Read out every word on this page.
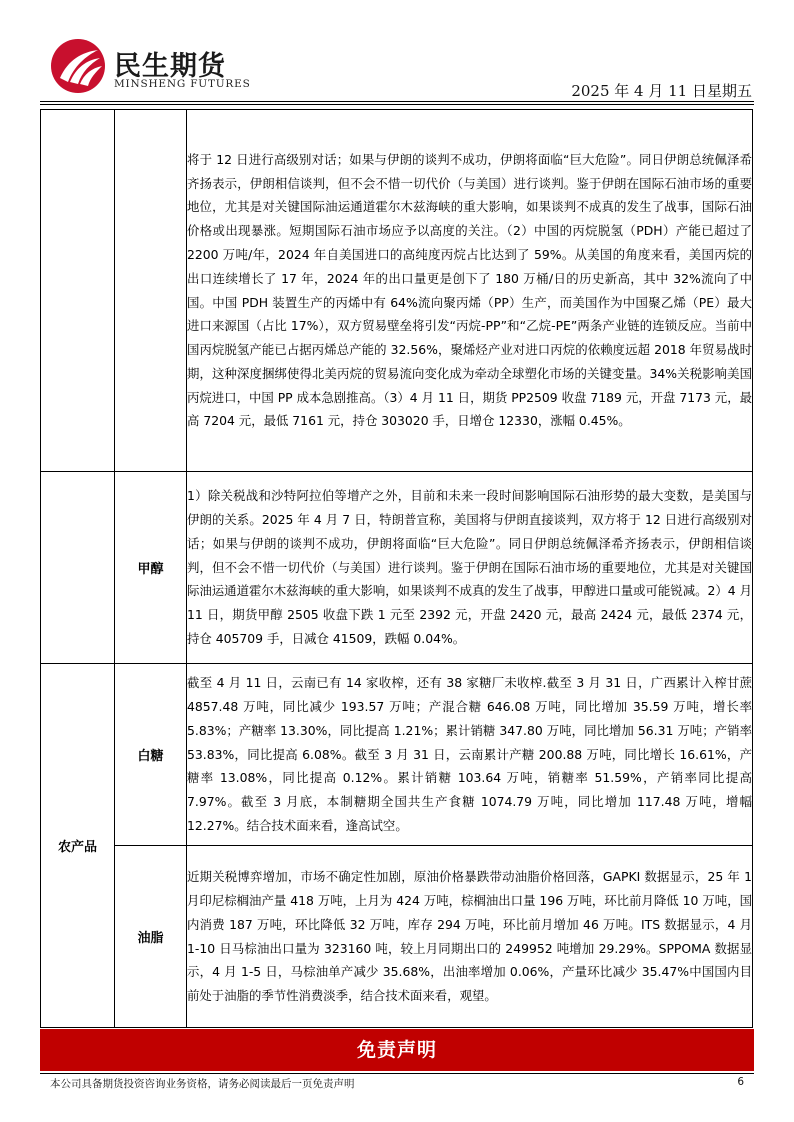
民生期货
MINSHENG FUTURES	2025 年 4 月 11 日星期五
		将于 12 日进行高级别对话；如果与伊朗的谈判不成功，伊朗将面临“巨大危险”。同日伊朗总统佩泽希齐扬表示，伊朗相信谈判，但不会不惜一切代价（与美国）进行谈判。鉴于伊朗在国际石油市场的重要地位，尤其是对关键国际油运通道霍尔木兹海峡的重大影响，如果谈判不成真的发生了战事，国际石油价格或出现暴涨。短期国际石油市场应予以高度的关注。（2）中国的丙烷脱氢（PDH）产能已超过了 2200 万吨/年，2024 年自美国进口的高纯度丙烷占比达到了 59%。从美国的角度来看，美国丙烷的出口连续增长了 17 年，2024 年的出口量更是创下了 180 万桶/日的历史新高，其中 32%流向了中国。中国 PDH 装置生产的丙烯中有 64%流向聚丙烯（PP）生产，而美国作为中国聚乙烯（PE）最大进口来源国（占比 17%），双方贸易壁垒将引发“丙烷-PP”和“乙烷-PE”两条产业链的连锁反应。当前中国丙烷脱氢产能已占据丙烯总产能的 32.56%，聚烯烃产业对进口丙烷的依赖度远超 2018 年贸易战时期，这种深度捆绑使得北美丙烷的贸易流向变化成为牵动全球塑化市场的关键变量。34%关税影响美国丙烷进口，中国 PP 成本急剧推高。（3）4 月 11 日，期货 PP2509 收盘 7189 元，开盘 7173 元，最高 7204 元，最低 7161 元，持仓 303020 手，日增仓 12330，涨幅 0.45%。
	甲醇	1）除关税战和沙特阿拉伯等增产之外，目前和未来一段时间影响国际石油形势的最大变数，是美国与伊朗的关系。2025 年 4 月 7 日，特朗普宣称，美国将与伊朗直接谈判，双方将于 12 日进行高级别对话；如果与伊朗的谈判不成功，伊朗将面临“巨大危险”。同日伊朗总统佩泽希齐扬表示，伊朗相信谈判，但不会不惜一切代价（与美国）进行谈判。鉴于伊朗在国际石油市场的重要地位，尤其是对关键国际油运通道霍尔木兹海峡的重大影响，如果谈判不成真的发生了战事，甲醇进口量或可能锐减。2）4 月 11 日，期货甲醇 2505 收盘下跌 1 元至 2392 元，开盘 2420 元，最高 2424 元，最低 2374 元，持仓 405709 手，日减仓 41509，跌幅 0.04%。
农产品	白糖	截至 4 月 11 日，云南已有 14 家收榨，还有 38 家糖厂未收榨.截至 3 月 31 日，广西累计入榨甘蔗 4857.48 万吨，同比减少 193.57 万吨；产混合糖 646.08 万吨，同比增加 35.59 万吨，增长率 5.83%；产糖率 13.30%，同比提高 1.21%；累计销糖 347.80 万吨，同比增加 56.31 万吨；产销率 53.83%，同比提高 6.08%。截至 3 月 31 日，云南累计产糖 200.88 万吨，同比增长 16.61%，产糖率 13.08%，同比提高 0.12%。累计销糖 103.64 万吨，销糖率 51.59%，产销率同比提高 7.97%。截至 3 月底，本制糖期全国共生产食糖 1074.79 万吨，同比增加 117.48 万吨，增幅 12.27%。结合技术面来看，逢高试空。
	油脂	近期关税博弈增加，市场不确定性加剧，原油价格暴跌带动油脂价格回落，GAPKI 数据显示，25 年 1 月印尼棕榈油产量 418 万吨，上月为 424 万吨，棕榈油出口量 196 万吨，环比前月降低 10 万吨，国内消费 187 万吨，环比降低 32 万吨，库存 294 万吨，环比前月增加 46 万吨。ITS 数据显示，4 月 1-10 日马棕油出口量为 323160 吨，较上月同期出口的 249952 吨增加 29.29%。SPPOMA 数据显示，4 月 1-5 日，马棕油单产减少 35.68%，出油率增加 0.06%，产量环比减少 35.47%中国国内目前处于油脂的季节性消费淡季，结合技术面来看，观望。
免责声明
本公司具备期货投资咨询业务资格，请务必阅读最后一页免责声明	6
